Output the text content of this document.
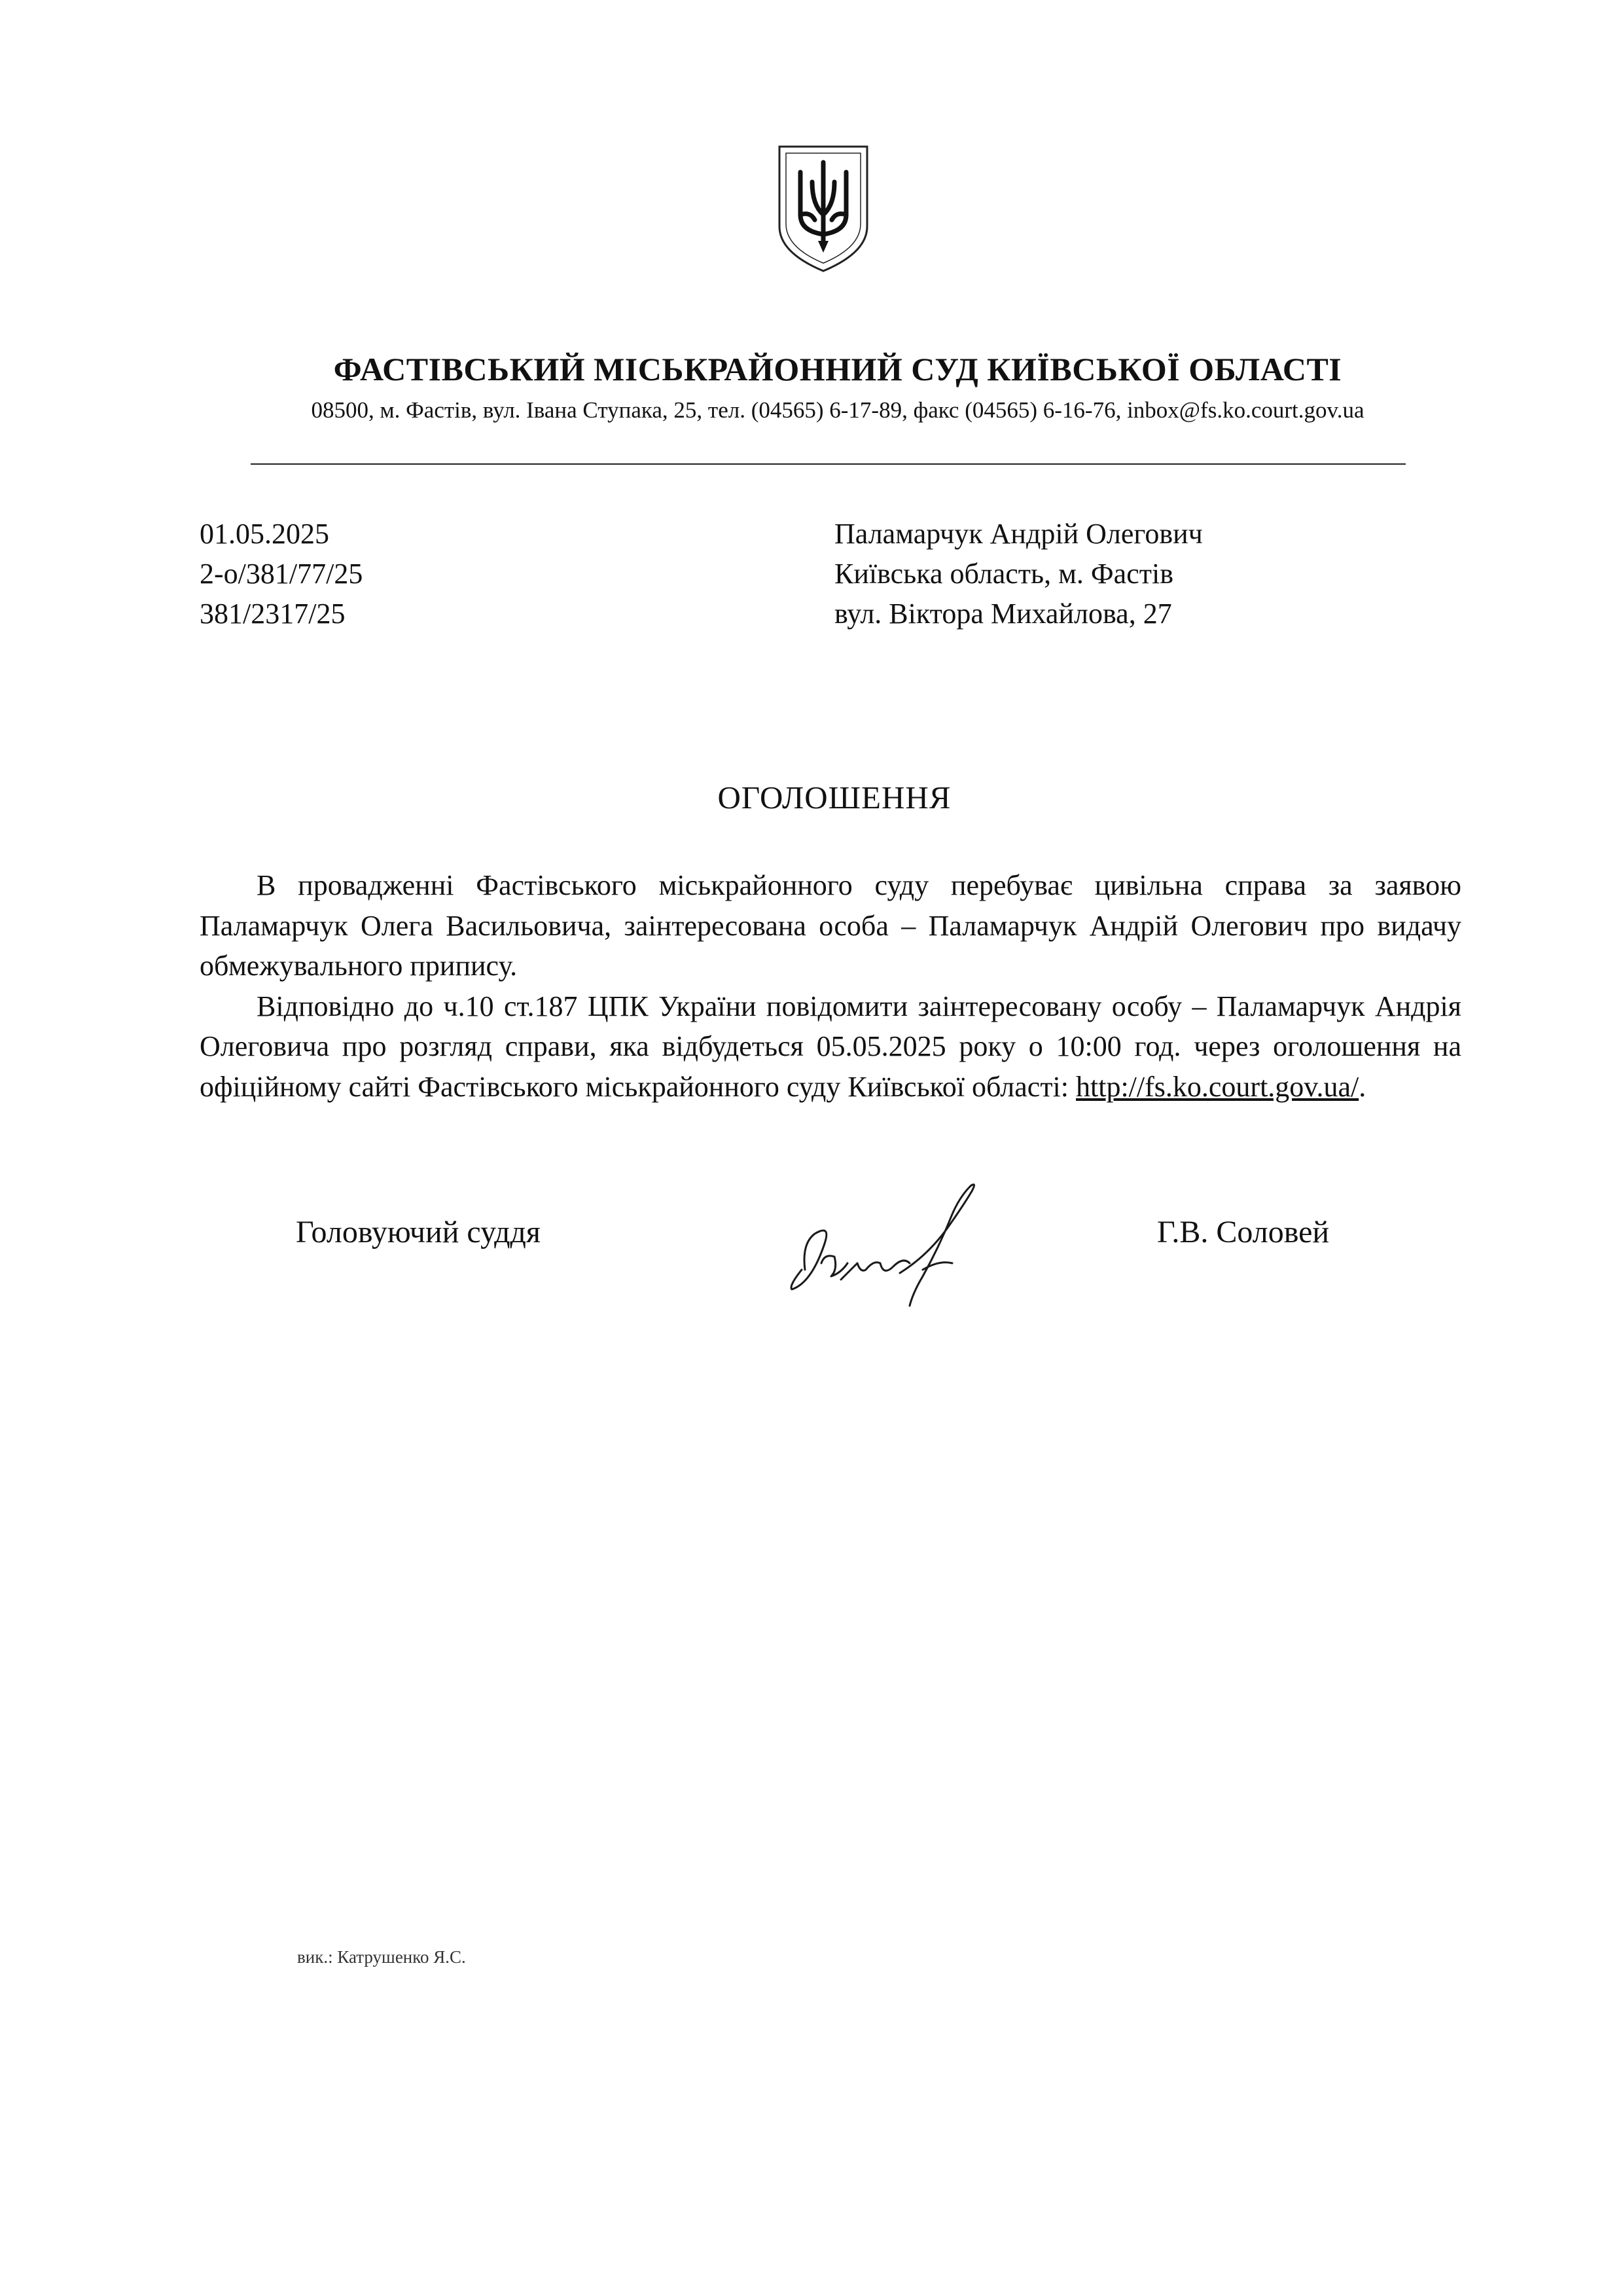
ФАСТІВСЬКИЙ МІСЬКРАЙОННИЙ СУД КИЇВСЬКОЇ ОБЛАСТІ
08500, м. Фастів, вул. Івана Ступака, 25, тел. (04565) 6-17-89, факс (04565) 6-16-76, inbox@fs.ko.court.gov.ua
01.05.2025
2-о/381/77/25
381/2317/25
Паламарчук Андрій Олегович
Київська область, м. Фастів
вул. Віктора Михайлова, 27
ОГОЛОШЕННЯ

В провадженні Фастівського міськрайонного суду перебуває цивільна справа за заявою Паламарчук Олега Васильовича, заінтересована особа – Паламарчук Андрій Олегович про видачу обмежувального припису.

Відповідно до ч.10 ст.187 ЦПК України повідомити заінтересовану особу – Паламарчук Андрія Олеговича про розгляд справи, яка відбудеться 05.05.2025 року о 10:00 год. через оголошення на офіційному сайті Фастівського міськрайонного суду Київської області: http://fs.ko.court.gov.ua/.

Головуючий суддя	Г.В. Соловей
вик.: Катрушенко Я.С.
